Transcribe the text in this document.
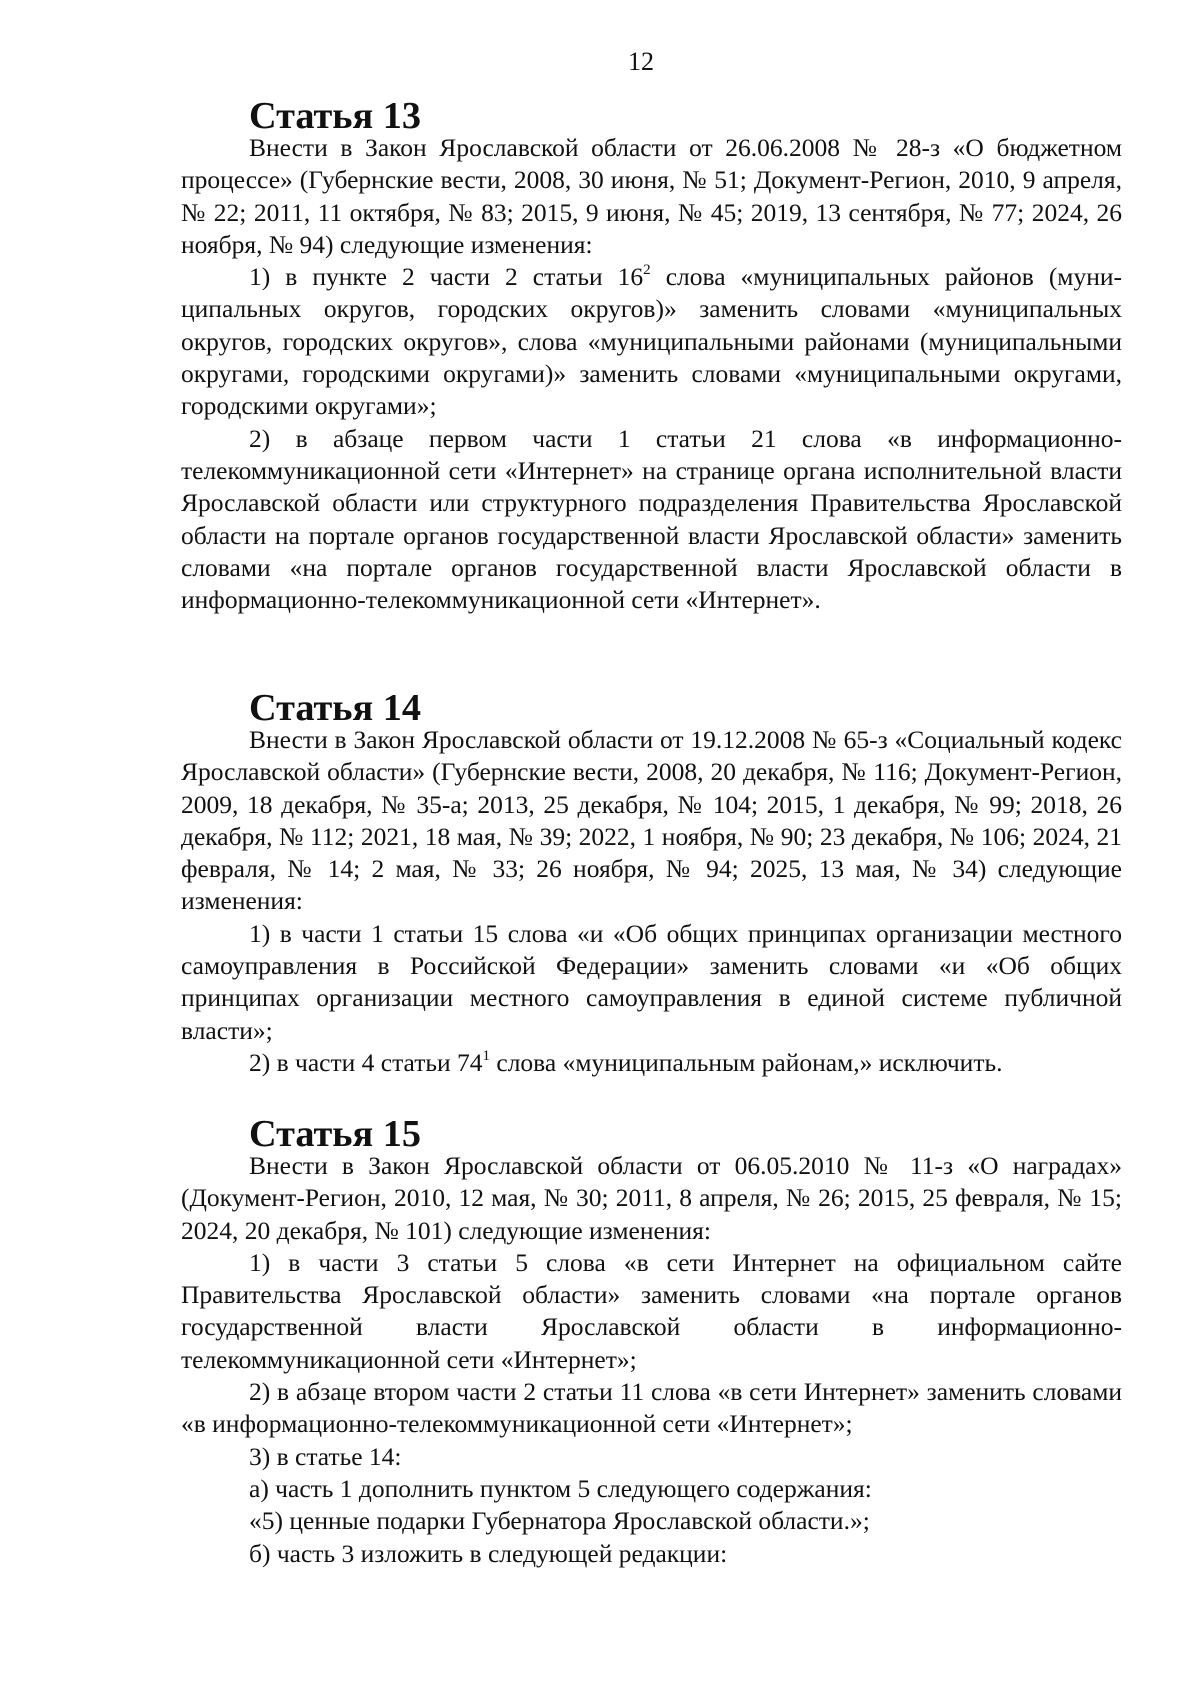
12
Статья 13

Внести в Закон Ярославской области от 26.06.2008 № 28-з «О бюджетном процессе» (Губернские вести, 2008, 30 июня, № 51; Документ-Регион, 2010, 9 апреля, № 22; 2011, 11 октября, № 83; 2015, 9 июня, № 45; 2019, 13 сентября, № 77; 2024, 26 ноября, № 94) следующие изменения:

1) в пункте 2 части 2 статьи $16^2$ слова «муниципальных районов (муниципальных округов, городских округов)» заменить словами «муниципальных округов, городских округов», слова «муниципальными районами (муниципальными округами, городскими округами)» заменить словами «муниципальными округами, городскими округами»;

2) в абзаце первом части 1 статьи 21 слова «в информационно-телекоммуникационной сети «Интернет» на странице органа исполнительной власти Ярославской области или структурного подразделения Правительства Ярославской области на портале органов государственной власти Ярославской области» заменить словами «на портале органов государственной власти Ярославской области в информационно-телекоммуникационной сети «Интернет».

Статья 14

Внести в Закон Ярославской области от 19.12.2008 № 65-з «Социальный кодекс Ярославской области» (Губернские вести, 2008, 20 декабря, № 116; Документ-Регион, 2009, 18 декабря, № 35-а; 2013, 25 декабря, № 104; 2015, 1 декабря, № 99; 2018, 26 декабря, № 112; 2021, 18 мая, № 39; 2022, 1 ноября, № 90; 23 декабря, № 106; 2024, 21 февраля, № 14; 2 мая, № 33; 26 ноября, № 94; 2025, 13 мая, № 34) следующие изменения:

1) в части 1 статьи 15 слова «и «Об общих принципах организации местного самоуправления в Российской Федерации» заменить словами «и «Об общих принципах организации местного самоуправления в единой системе публичной власти»;

2) в части 4 статьи $74^1$ слова «муниципальным районам,» исключить.

Статья 15

Внести в Закон Ярославской области от 06.05.2010 № 11-з «О наградах» (Документ-Регион, 2010, 12 мая, № 30; 2011, 8 апреля, № 26; 2015, 25 февраля, № 15; 2024, 20 декабря, № 101) следующие изменения:

1) в части 3 статьи 5 слова «в сети Интернет на официальном сайте Правительства Ярославской области» заменить словами «на портале органов государственной власти Ярославской области в информационно-телекоммуникационной сети «Интернет»;

2) в абзаце втором части 2 статьи 11 слова «в сети Интернет» заменить словами «в информационно-телекоммуникационной сети «Интернет»;

3) в статье 14:

а) часть 1 дополнить пунктом 5 следующего содержания:

«5) ценные подарки Губернатора Ярославской области.»;

б) часть 3 изложить в следующей редакции:
